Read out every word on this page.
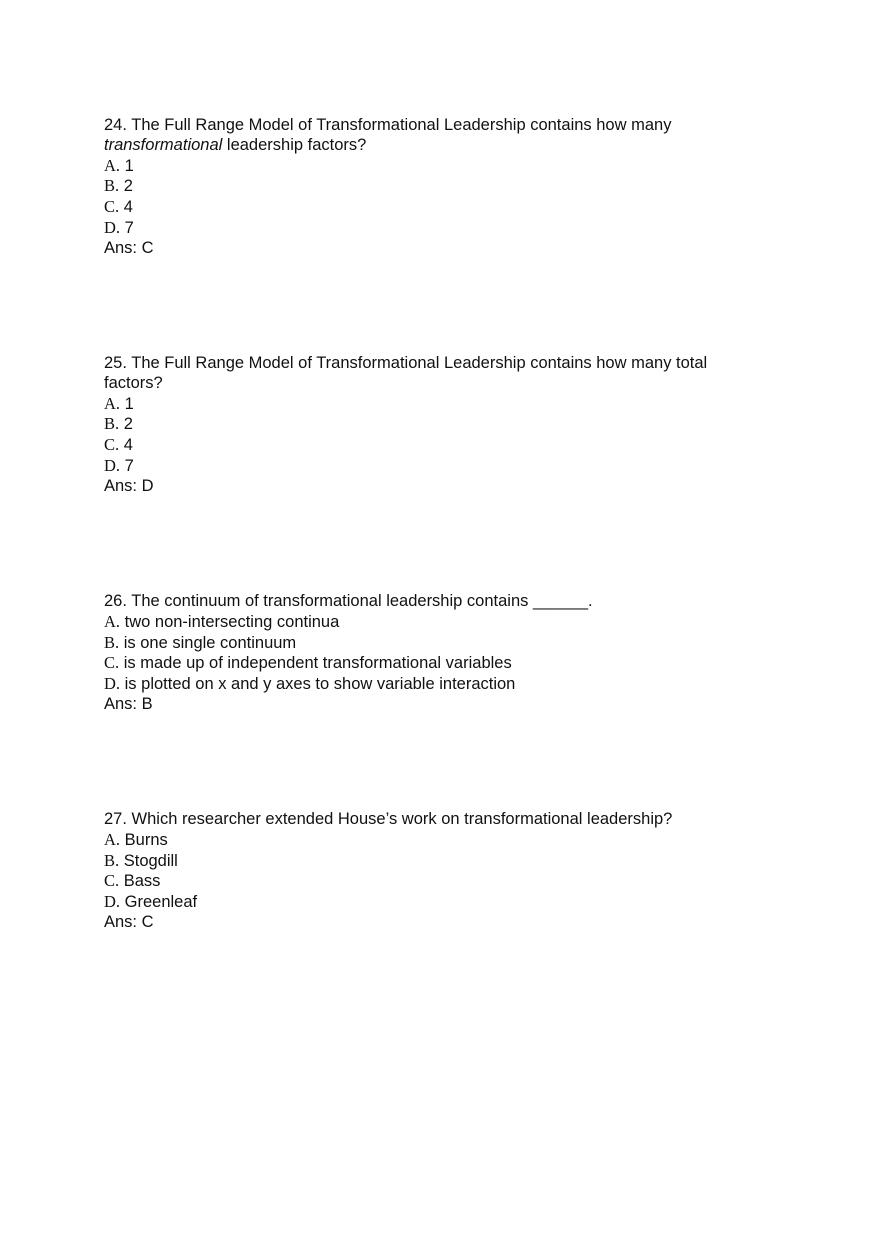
24. The Full Range Model of Transformational Leadership contains how many
transformational leadership factors?
A. 1
B. 2
C. 4
D. 7
Ans: C
25. The Full Range Model of Transformational Leadership contains how many total factors?
A. 1
B. 2
C. 4
D. 7
Ans: D
26. The continuum of transformational leadership contains ______.
A. two non-intersecting continua
B. is one single continuum
C. is made up of independent transformational variables
D. is plotted on x and y axes to show variable interaction
Ans: B
27. Which researcher extended House’s work on transformational leadership?
A. Burns
B. Stogdill
C. Bass
D. Greenleaf
Ans: C
